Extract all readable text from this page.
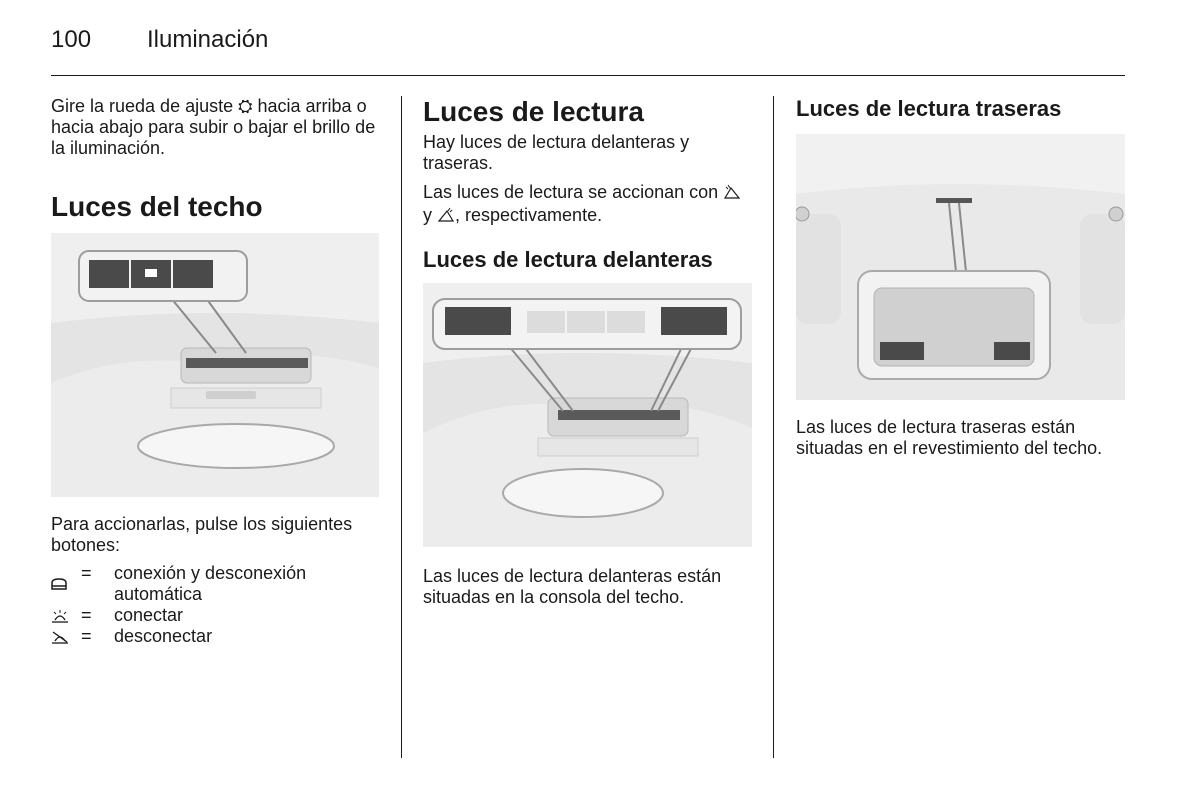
100 Iluminación

Gire la rueda de ajuste ⛭ hacia arriba o hacia abajo para subir o bajar el brillo de la iluminación.

Luces del techo

Para accionarlas, pulse los siguientes botones:

=	conexión y desconexión automática
=	conectar
=	desconectar
Luces de lectura

Hay luces de lectura delanteras y traseras.

Las luces de lectura se accionan con  y , respectivamente.

Luces de lectura delanteras

Las luces de lectura delanteras están situadas en la consola del techo.

Luces de lectura traseras

Las luces de lectura traseras están situadas en el revestimiento del techo.
